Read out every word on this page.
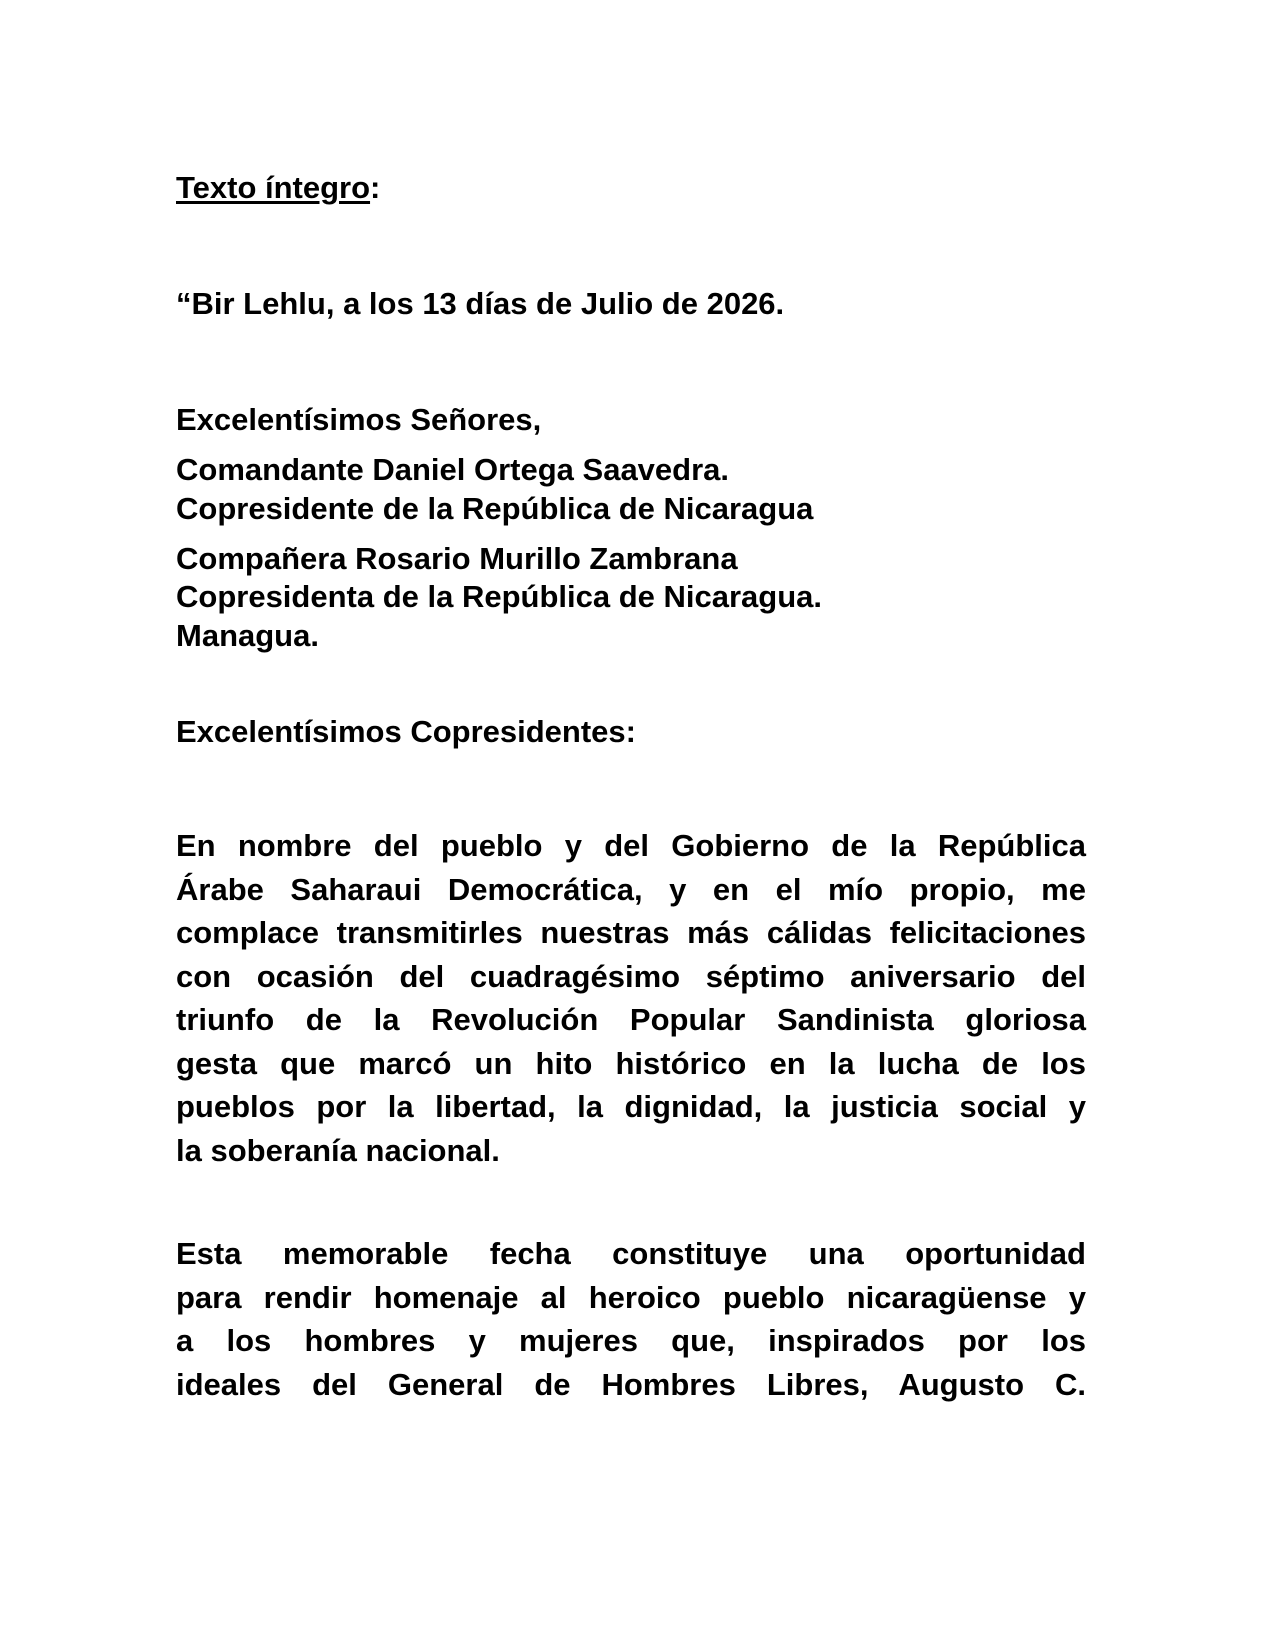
Texto íntegro:
“Bir Lehlu, a los 13 días de Julio de 2026.
Excelentísimos Señores,
Comandante Daniel Ortega Saavedra.
Copresidente de la República de Nicaragua
Compañera Rosario Murillo Zambrana
Copresidenta de la República de Nicaragua.
Managua.
Excelentísimos Copresidentes:
En nombre del pueblo y del Gobierno de la República
Árabe Saharaui Democrática, y en el mío propio, me
complace transmitirles nuestras más cálidas felicitaciones
con ocasión del cuadragésimo séptimo aniversario del
triunfo de la Revolución Popular Sandinista gloriosa
gesta que marcó un hito histórico en la lucha de los
pueblos por la libertad, la dignidad, la justicia social y
la soberanía nacional.
Esta memorable fecha constituye una oportunidad
para rendir homenaje al heroico pueblo nicaragüense y
a los hombres y mujeres que, inspirados por los
ideales del General de Hombres Libres, Augusto C.
